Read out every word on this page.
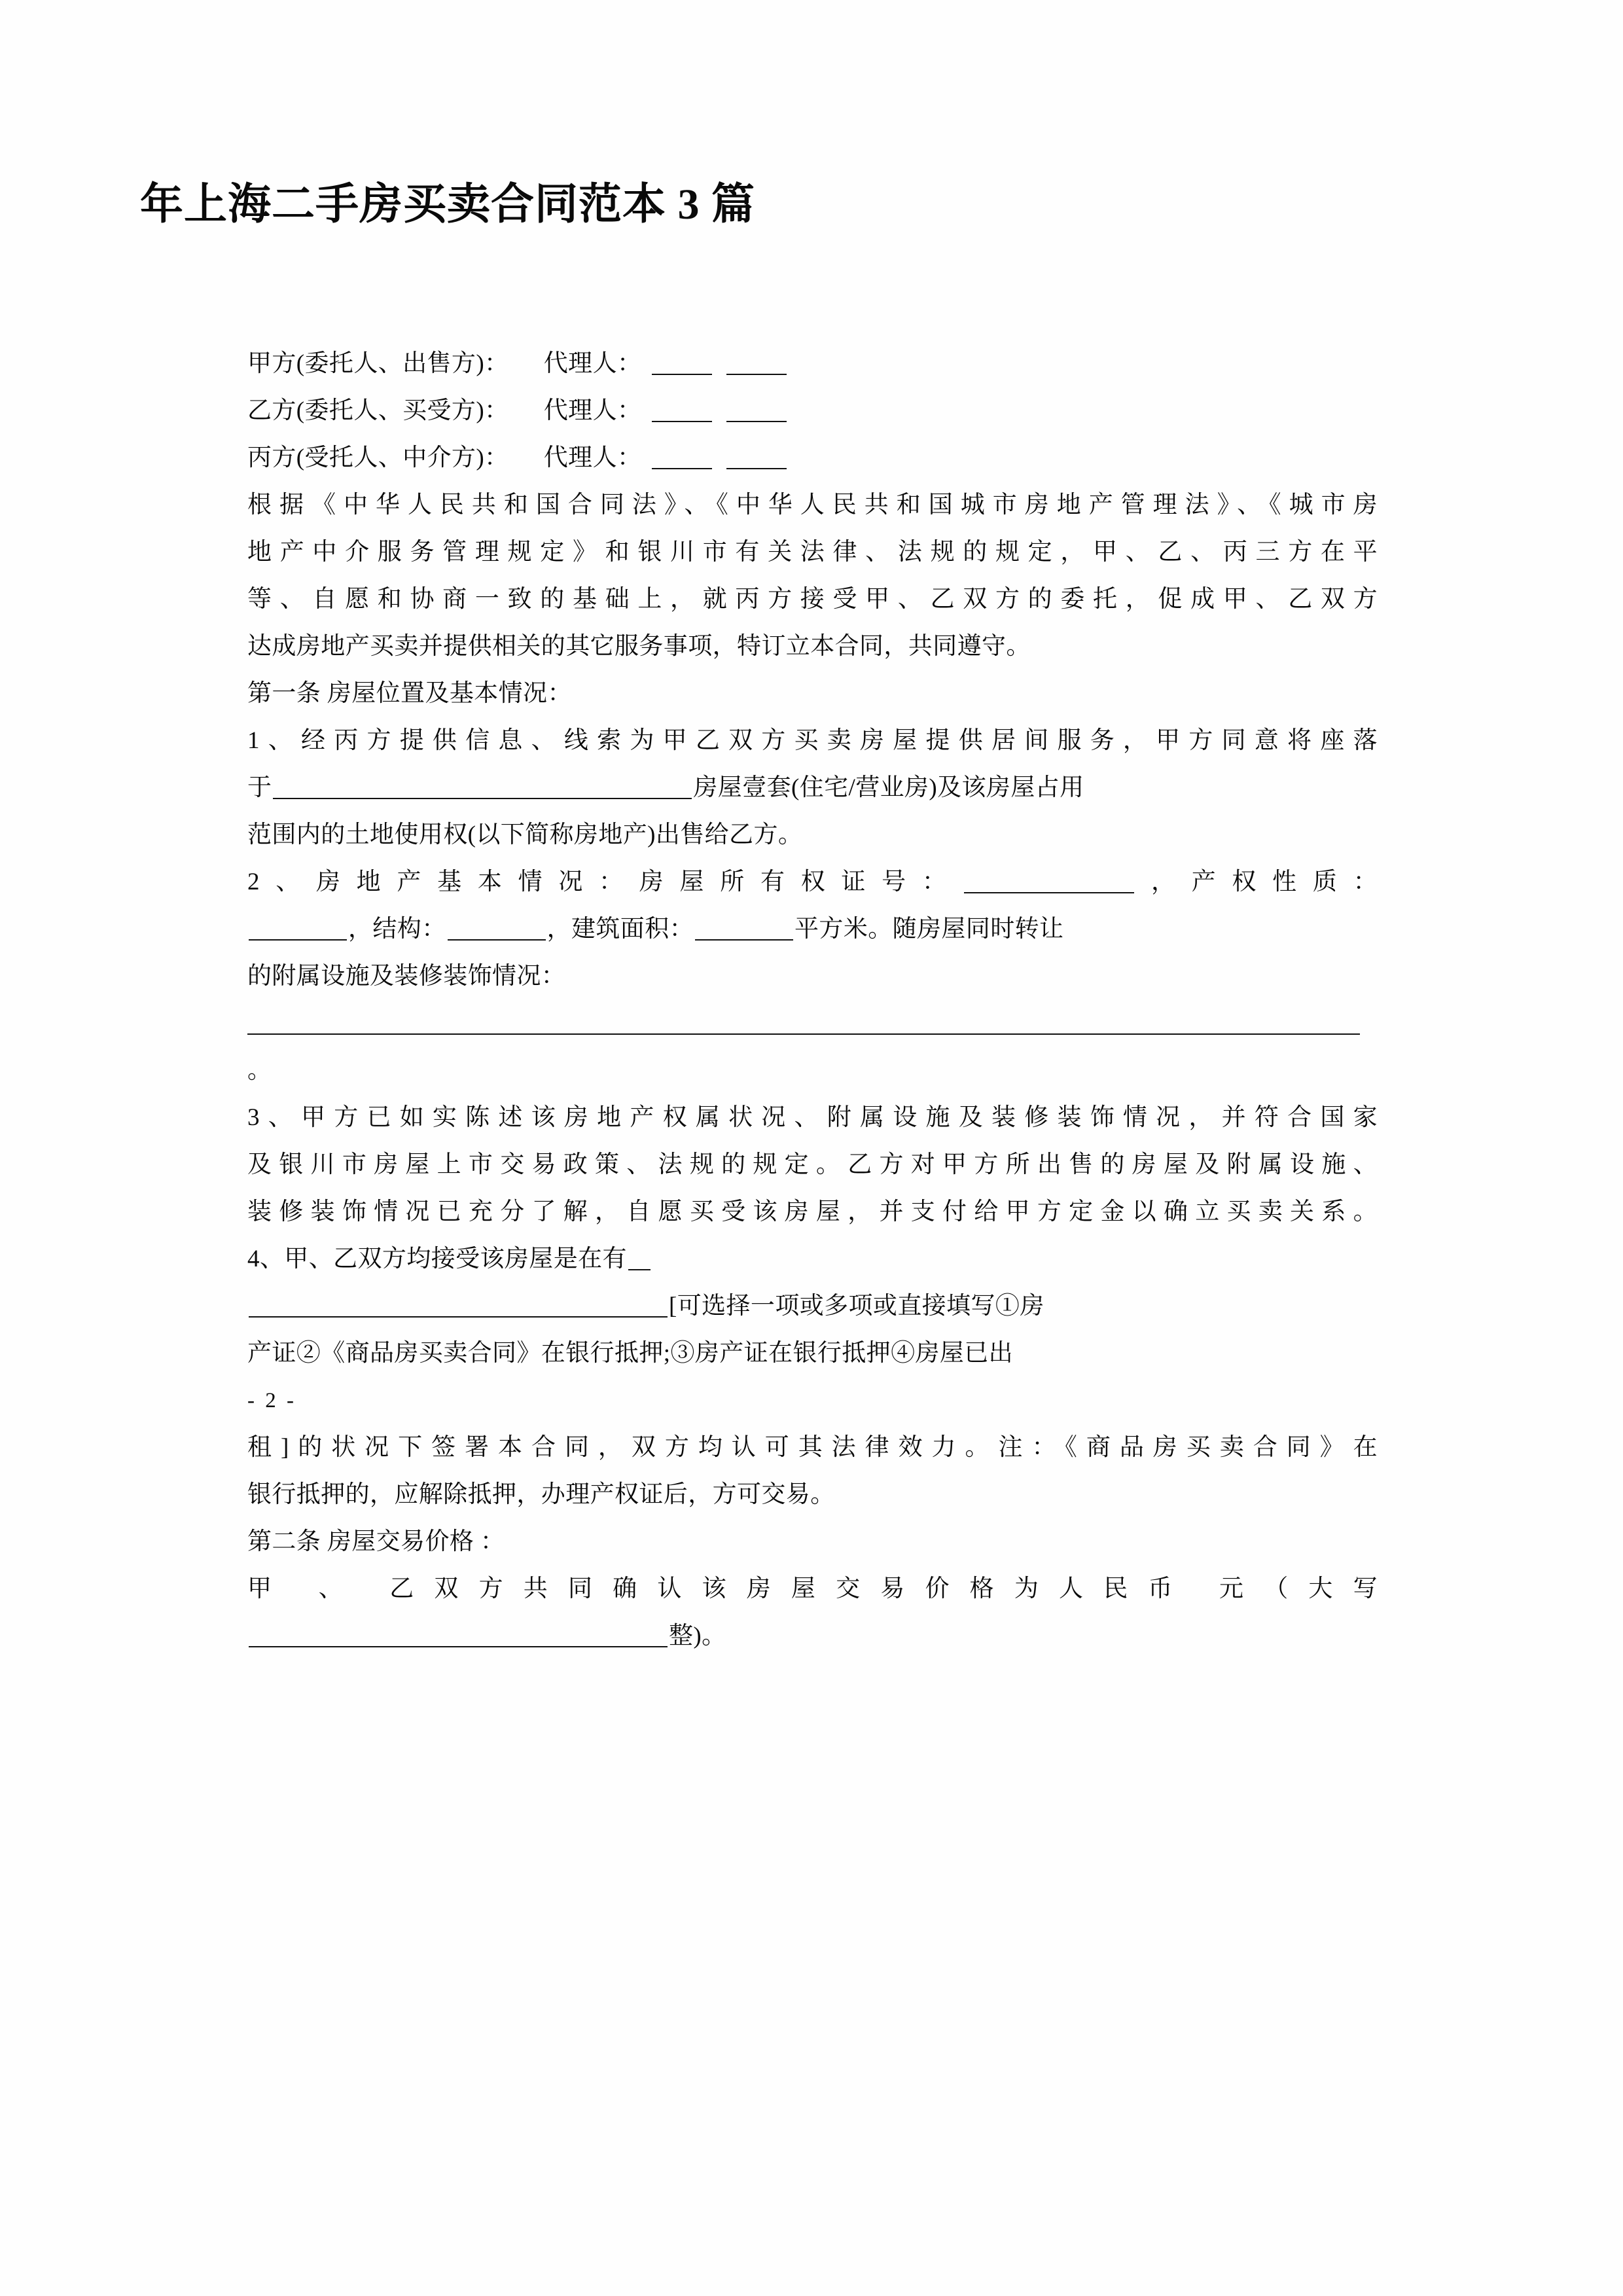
年上海二手房买卖合同范本 3 篇

甲方(委托人、出售方)： 代理人：

乙方(委托人、买受方)： 代理人：

丙方(受托人、中介方)： 代理人：

根据《中华人民共和国合同法》、《中华人民共和国城市房地产管理法》、《城市房

地产中介服务管理规定》和银川市有关法律、法规的规定，甲、乙、丙三方在平

等、自愿和协商一致的基础上，就丙方接受甲、乙双方的委托，促成甲、乙双方

达成房地产买卖并提供相关的其它服务事项，特订立本合同，共同遵守。

第一条 房屋位置及基本情况：

1、经丙方提供信息、线索为甲乙双方买卖房屋提供居间服务，甲方同意将座落

于	房屋壹套(住宅/营业房)及该房屋占用

范围内的土地使用权(以下简称房地产)出售给乙方。

2、房地产基本情况：房屋所有权证号：	，产权性质：

，结构：	，建筑面积：	平方米。随房屋同时转让

的附属设施及装修装饰情况：

。

3、甲方已如实陈述该房地产权属状况、附属设施及装修装饰情况，并符合国家

及银川市房屋上市交易政策、法规的规定。乙方对甲方所出售的房屋及附属设施、

装修装饰情况已充分了解，自愿买受该房屋，并支付给甲方定金以确立买卖关系。

4、甲、乙双方均接受该房屋是在有

[可选择一项或多项或直接填写①房

产证②《商品房买卖合同》在银行抵押;③房产证在银行抵押④房屋已出

- 2 -

租]的状况下签署本合同，双方均认可其法律效力。注：《商品房买卖合同》在

银行抵押的，应解除抵押，办理产权证后，方可交易。

第二条 房屋交易价格 ：

甲 、 乙双方共同确认该房屋交易价格为人民币 元（大写

整)。
